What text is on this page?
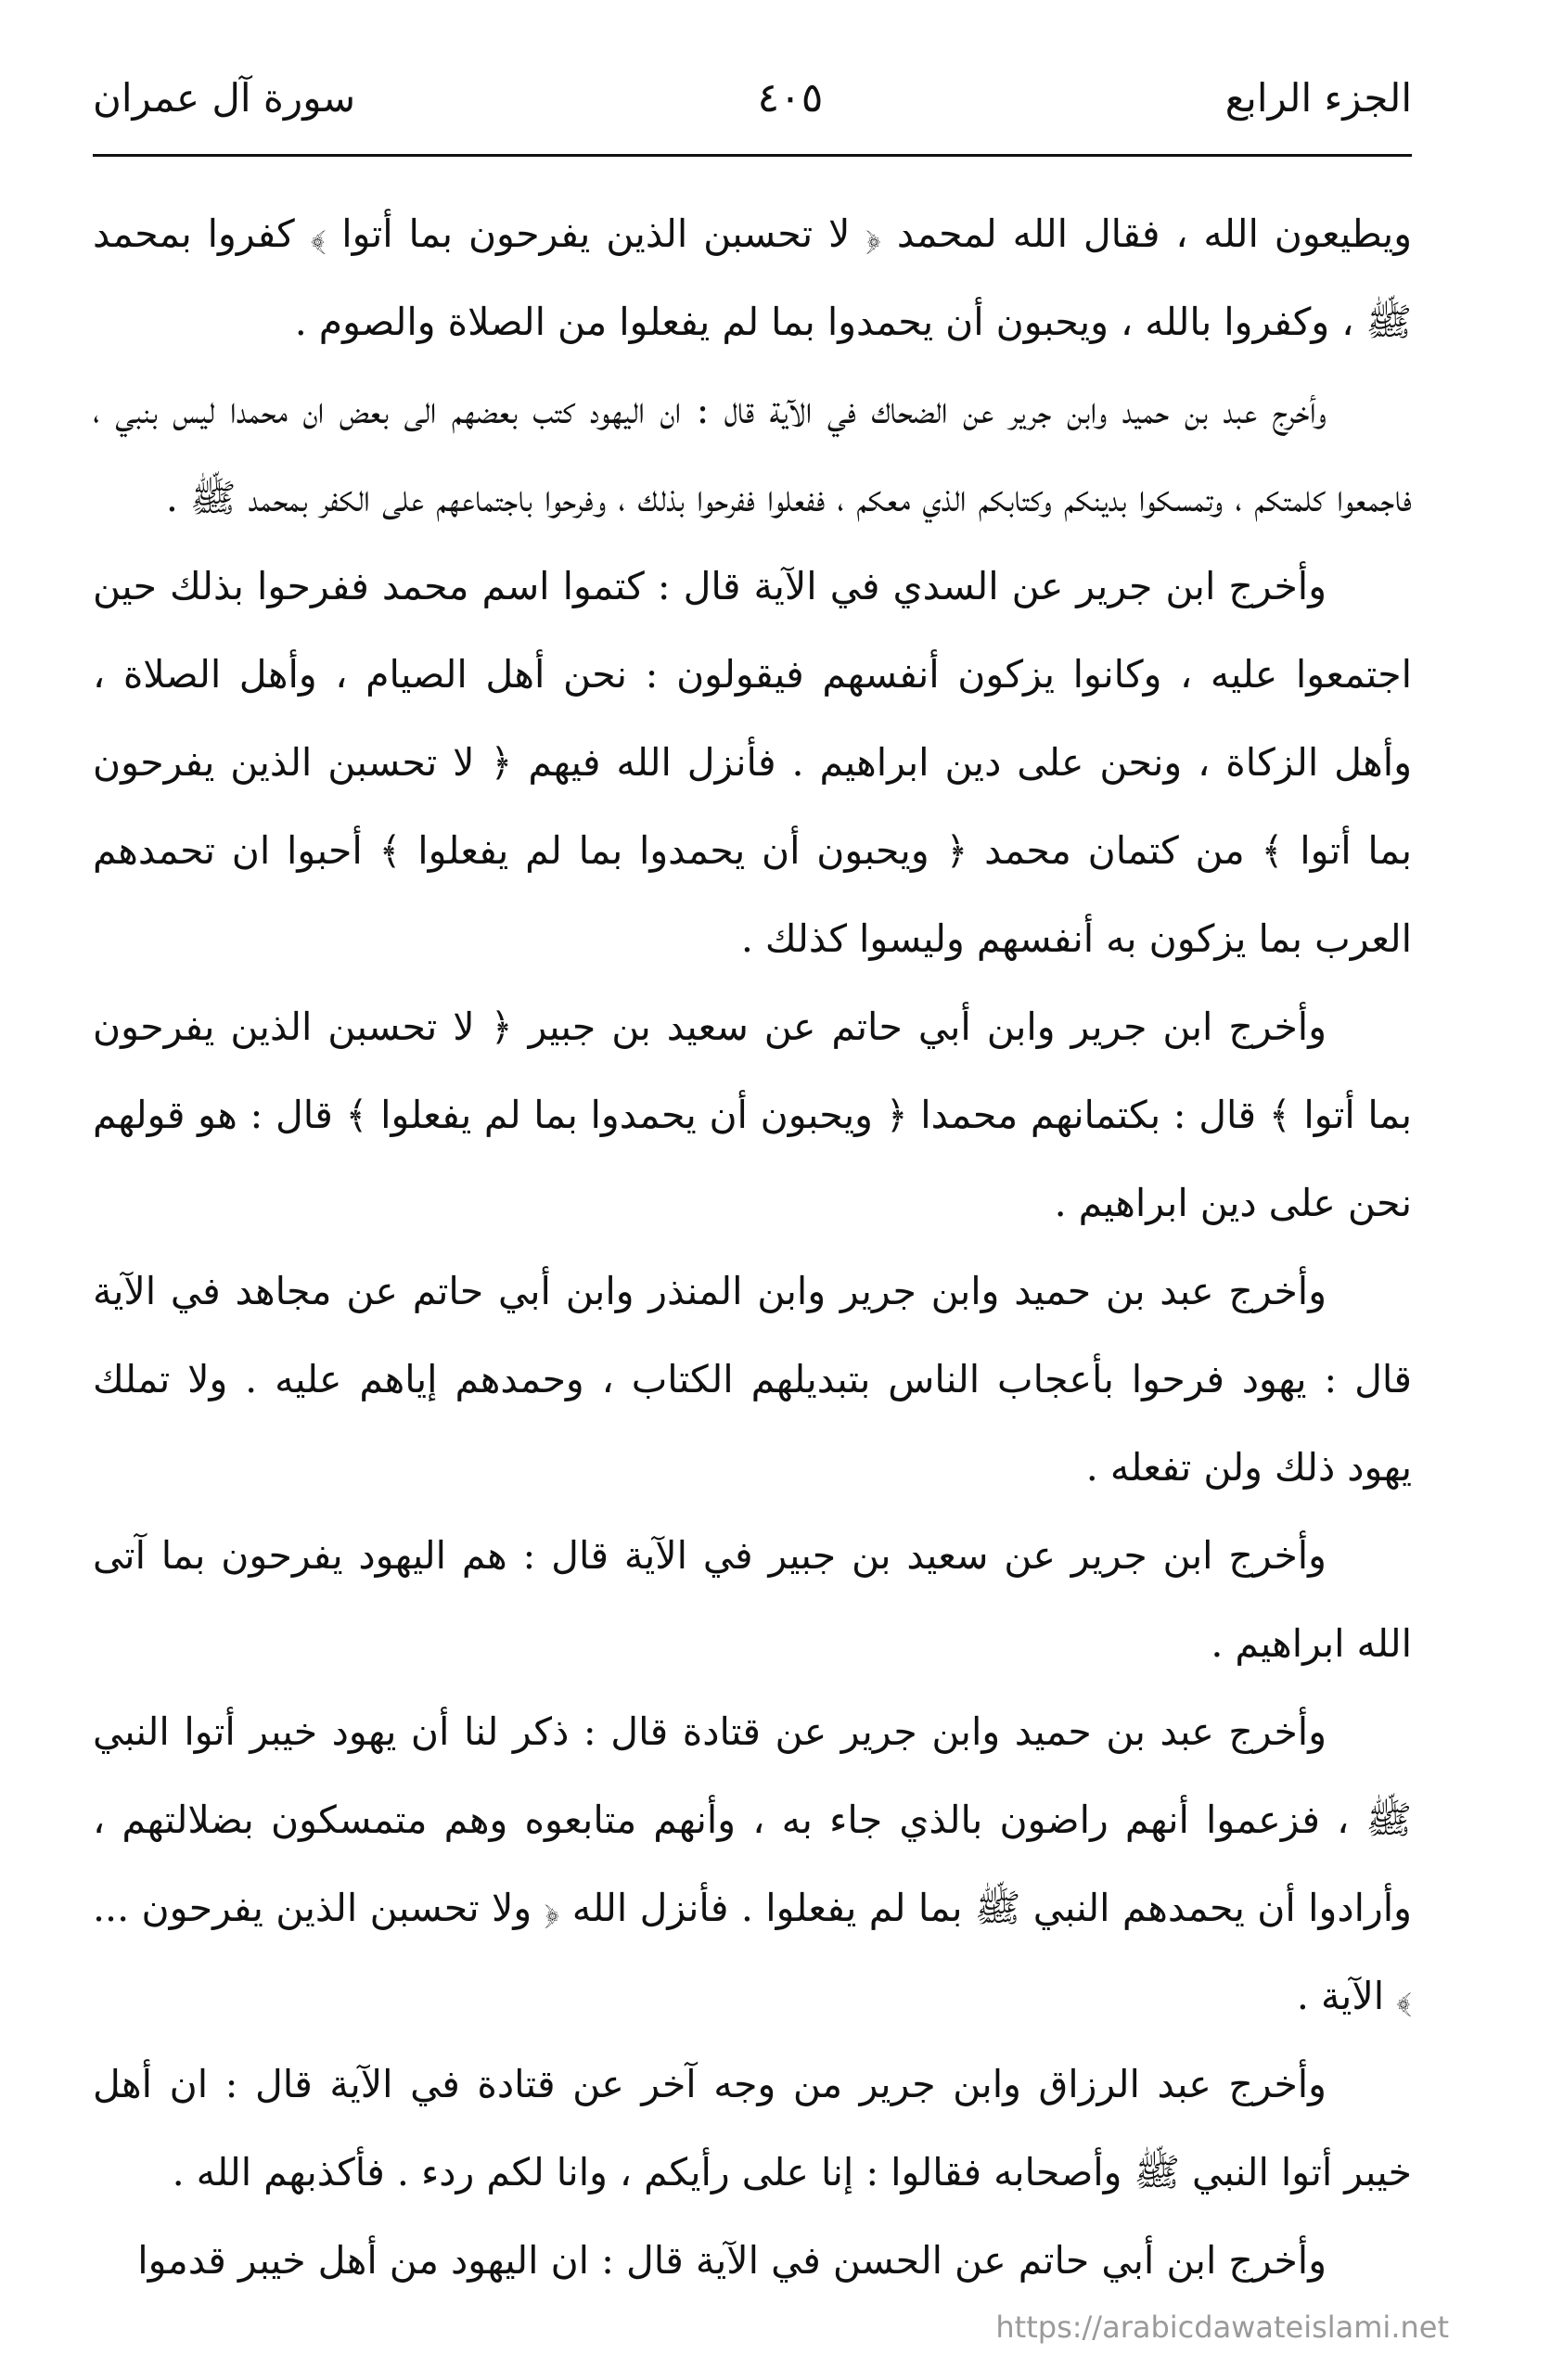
الجزء الرابع
٤٠٥
سورة آل عمران

ويطيعون الله ، فقال الله لمحمد ﴿ لا تحسبن الذين يفرحون بما أتوا ﴾ كفروا بمحمد ﷺ ، وكفروا بالله ، ويحبون أن يحمدوا بما لم يفعلوا من الصلاة والصوم .

وأخرج عبد بن حميد وابن جرير عن الضحاك في الآية قال : ان اليهود كتب بعضهم الى بعض ان محمدا ليس بنبي ، فاجمعوا كلمتكم ، وتمسكوا بدينكم وكتابكم الذي معكم ، ففعلوا ففرحوا بذلك ، وفرحوا باجتماعهم على الكفر بمحمد ﷺ .

وأخرج ابن جرير عن السدي في الآية قال : كتموا اسم محمد ففرحوا بذلك حين اجتمعوا عليه ، وكانوا يزكون أنفسهم فيقولون : نحن أهل الصيام ، وأهل الصلاة ، وأهل الزكاة ، ونحن على دين ابراهيم . فأنزل الله فيهم ﴿ لا تحسبن الذين يفرحون بما أتوا ﴾ من كتمان محمد ﴿ ويحبون أن يحمدوا بما لم يفعلوا ﴾ أحبوا ان تحمدهم العرب بما يزكون به أنفسهم وليسوا كذلك .

وأخرج ابن جرير وابن أبي حاتم عن سعيد بن جبير ﴿ لا تحسبن الذين يفرحون بما أتوا ﴾ قال : بكتمانهم محمدا ﴿ ويحبون أن يحمدوا بما لم يفعلوا ﴾ قال : هو قولهم نحن على دين ابراهيم .

وأخرج عبد بن حميد وابن جرير وابن المنذر وابن أبي حاتم عن مجاهد في الآية قال : يهود فرحوا بأعجاب الناس بتبديلهم الكتاب ، وحمدهم إياهم عليه . ولا تملك يهود ذلك ولن تفعله .

وأخرج ابن جرير عن سعيد بن جبير في الآية قال : هم اليهود يفرحون بما آتى الله ابراهيم .

وأخرج عبد بن حميد وابن جرير عن قتادة قال : ذكر لنا أن يهود خيبر أتوا النبي ﷺ ، فزعموا أنهم راضون بالذي جاء به ، وأنهم متابعوه وهم متمسكون بضلالتهم ، وأرادوا أن يحمدهم النبي ﷺ بما لم يفعلوا . فأنزل الله ﴿ ولا تحسبن الذين يفرحون ... ﴾ الآية .

وأخرج عبد الرزاق وابن جرير من وجه آخر عن قتادة في الآية قال : ان أهل خيبر أتوا النبي ﷺ وأصحابه فقالوا : إنا على رأيكم ، وانا لكم ردء . فأكذبهم الله .

وأخرج ابن أبي حاتم عن الحسن في الآية قال : ان اليهود من أهل خيبر قدموا

https://arabicdawateislami.net
